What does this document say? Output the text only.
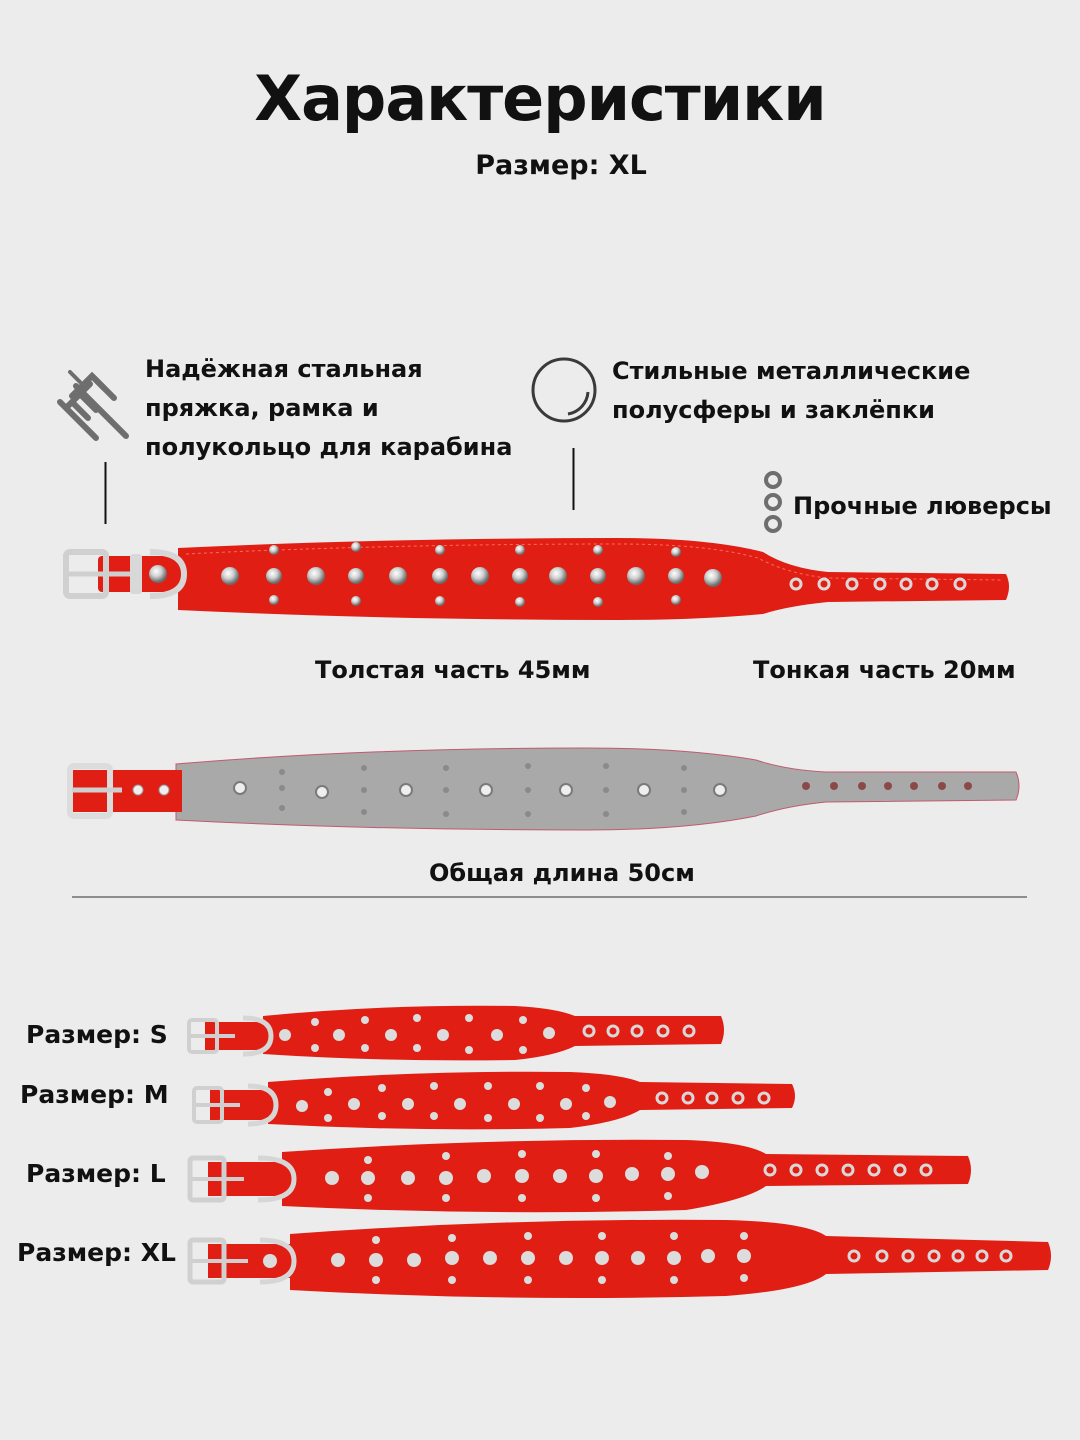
Характеристики
Размер: XL
Надёжная стальная
пряжка, рамка и
полукольцо для карабина
Стильные металлические
полусферы и заклёпки
Прочные люверсы
Толстая часть 45мм	Тонкая часть 20мм
Общая длина 50см
Размер: S
Размер: M
Размер: L
Размер: XL
